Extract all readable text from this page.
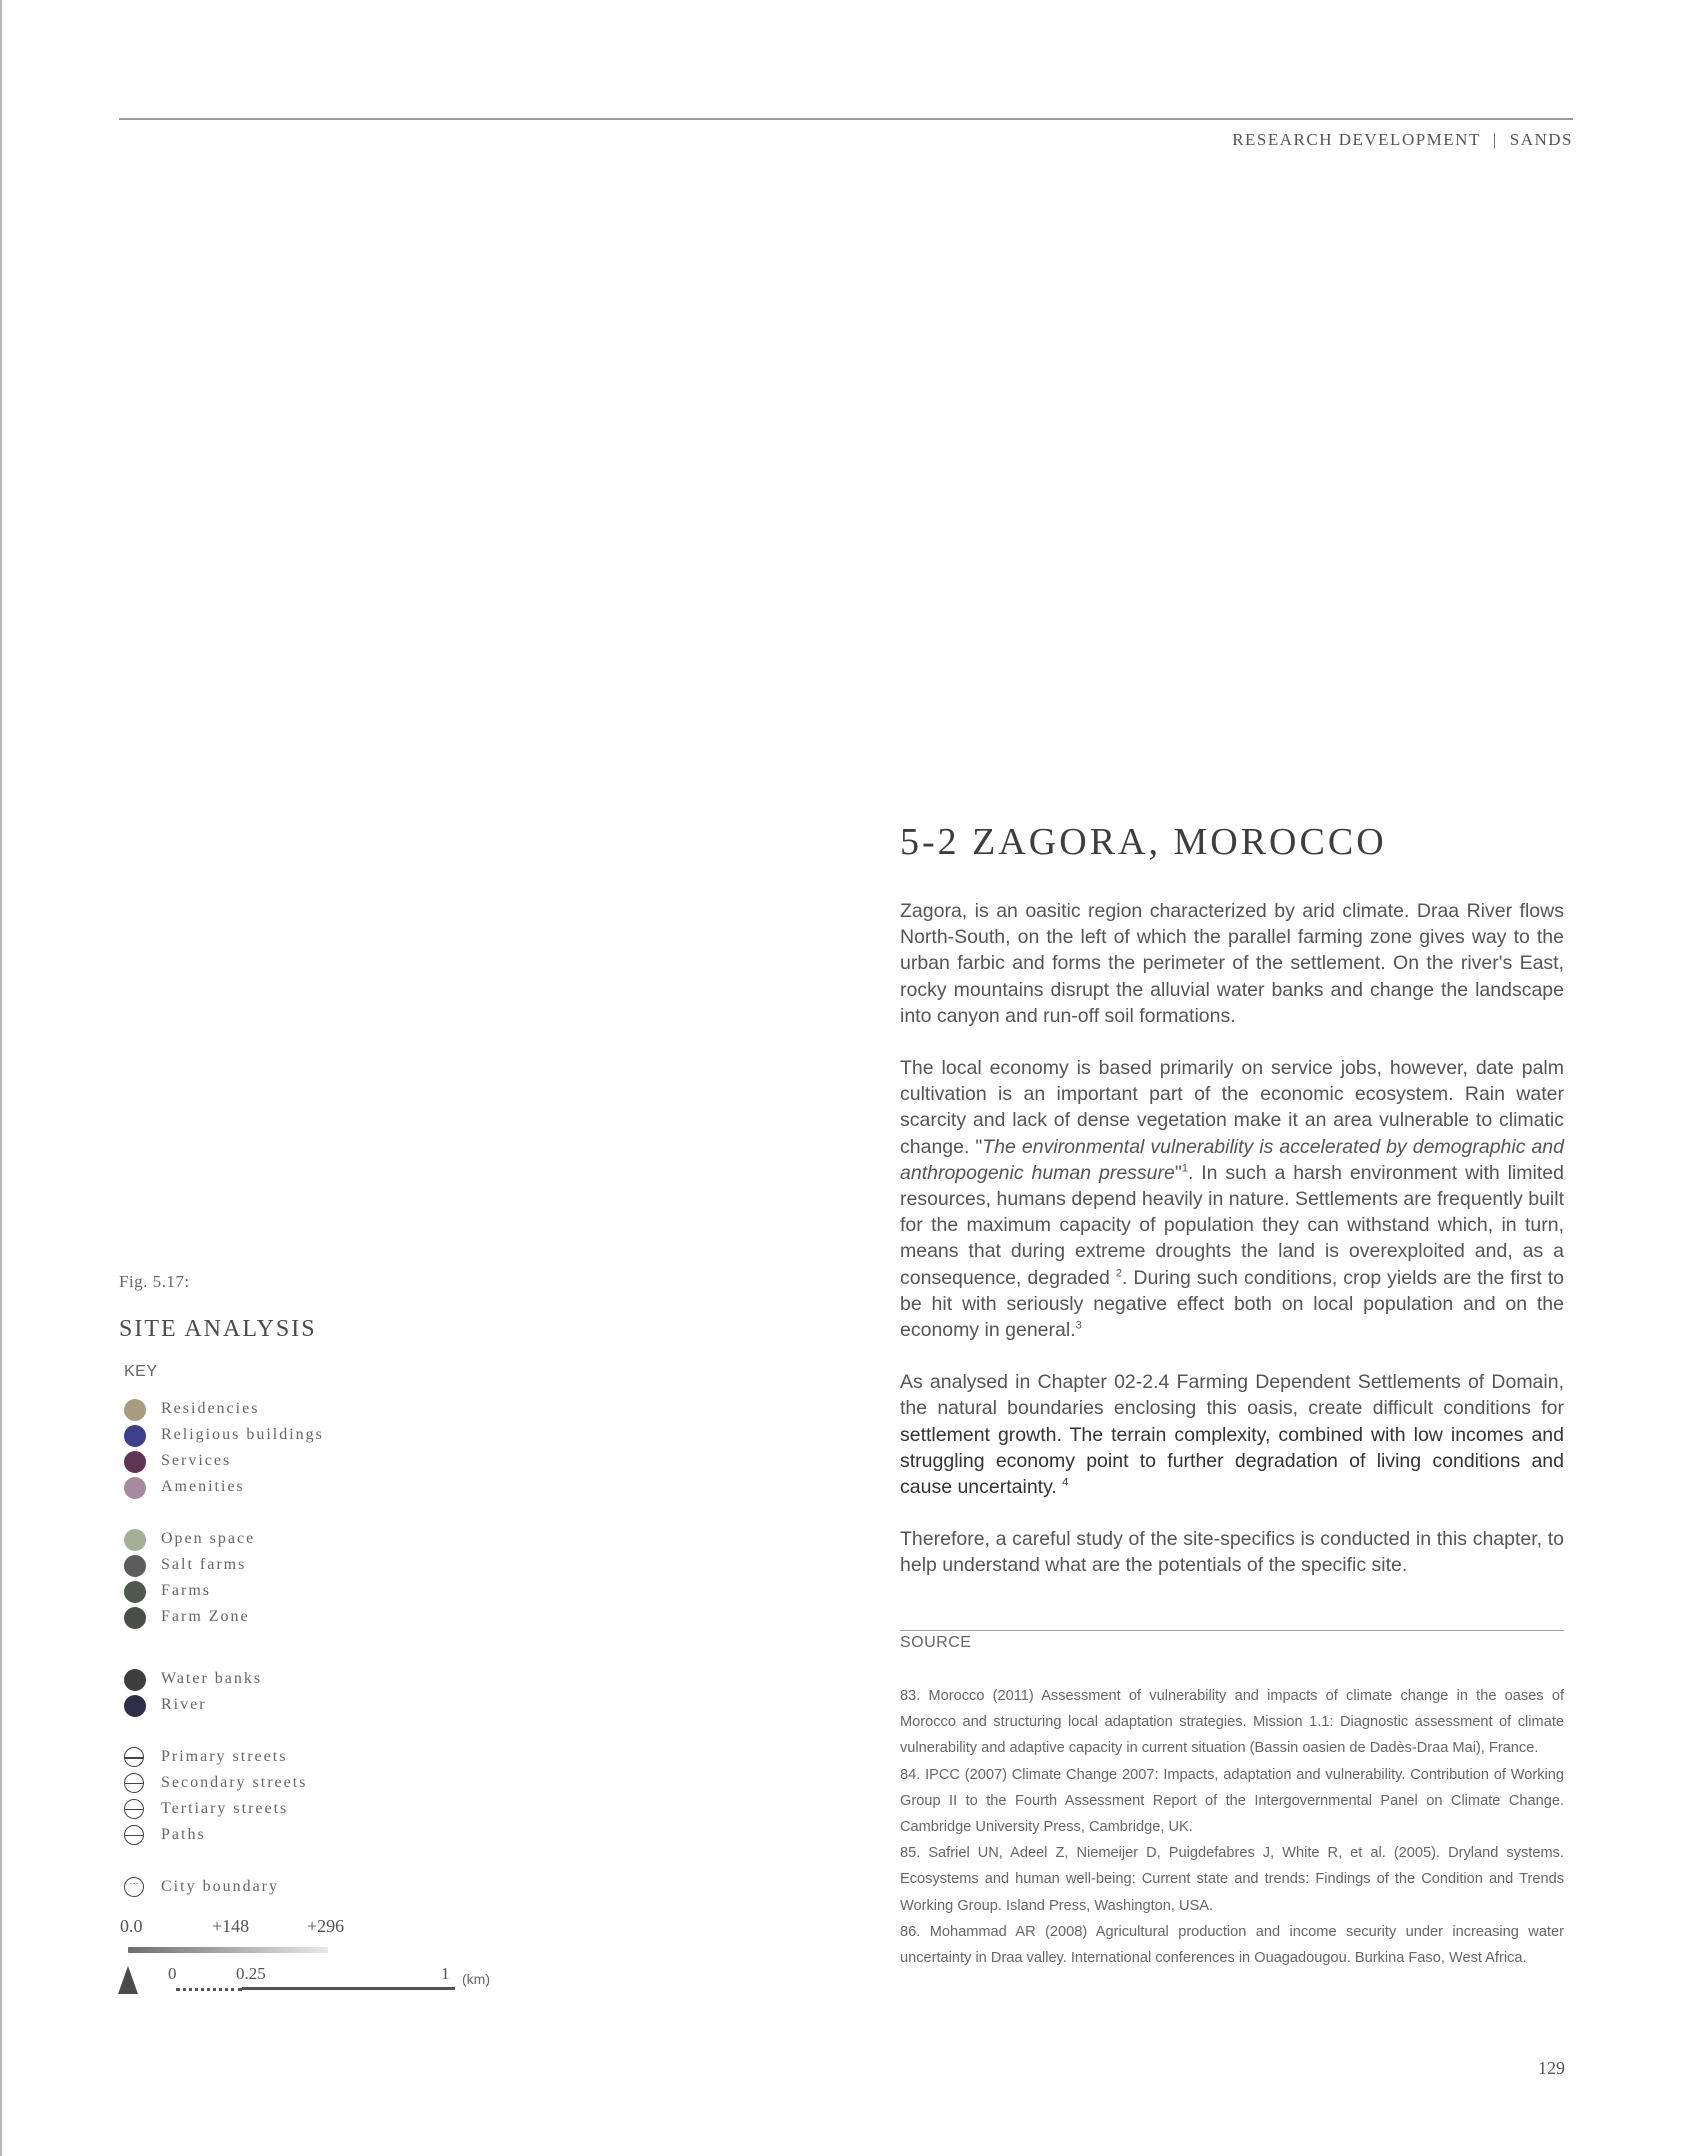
RESEARCH DEVELOPMENT | SANDS
5-2 ZAGORA, MOROCCO

Zagora, is an oasitic region characterized by arid climate. Draa River flows North-South, on the left of which the parallel farming zone gives way to the urban farbic and forms the perimeter of the settlement. On the river's East, rocky mountains disrupt the alluvial water banks and change the landscape into canyon and run-off soil formations.

The local economy is based primarily on service jobs, however, date palm cultivation is an important part of the economic ecosystem. Rain water scarcity and lack of dense vegetation make it an area vulnerable to climatic change. "The environmental vulnerability is accelerated by demographic and anthropogenic human pressure"$^1$. In such a harsh environment with limited resources, humans depend heavily in nature. Settlements are frequently built for the maximum capacity of population they can withstand which, in turn, means that during extreme droughts the land is overexploited and, as a consequence, degraded $^2$. During such conditions, crop yields are the first to be hit with seriously negative effect both on local population and on the economy in general.$^3$

As analysed in Chapter 02-2.4 Farming Dependent Settlements of Domain, the natural boundaries enclosing this oasis, create difficult conditions for settlement growth. The terrain complexity, combined with low incomes and struggling economy point to further degradation of living conditions and cause uncertainty. $^4$

Therefore, a careful study of the site-specifics is conducted in this chapter, to help understand what are the potentials of the specific site.

SOURCE

83. Morocco (2011) Assessment of vulnerability and impacts of climate change in the oases of Morocco and structuring local adaptation strategies. Mission 1.1: Diagnostic assessment of climate vulnerability and adaptive capacity in current situation (Bassin oasien de Dadès-Draa Mai), France.

84. IPCC (2007) Climate Change 2007: Impacts, adaptation and vulnerability. Contribution of Working Group II to the Fourth Assessment Report of the Intergovernmental Panel on Climate Change. Cambridge University Press, Cambridge, UK.

85. Safriel UN, Adeel Z, Niemeijer D, Puigdefabres J, White R, et al. (2005). Dryland systems. Ecosystems and human well-being: Current state and trends: Findings of the Condition and Trends Working Group. Island Press, Washington, USA.

86. Mohammad AR (2008) Agricultural production and income security under increasing water uncertainty in Draa valley. International conferences in Ouagadougou. Burkina Faso, West Africa.

129
Fig. 5.17:
SITE ANALYSIS
KEY
Residencies
Religious buildings
Services
Amenities
Open space
Salt farms
Farms
Farm Zone
Water banks
River
Primary streets
Secondary streets
Tertiary streets
Paths
···	City boundary
0.0	+148	+296
0	0.25	1 (km)
